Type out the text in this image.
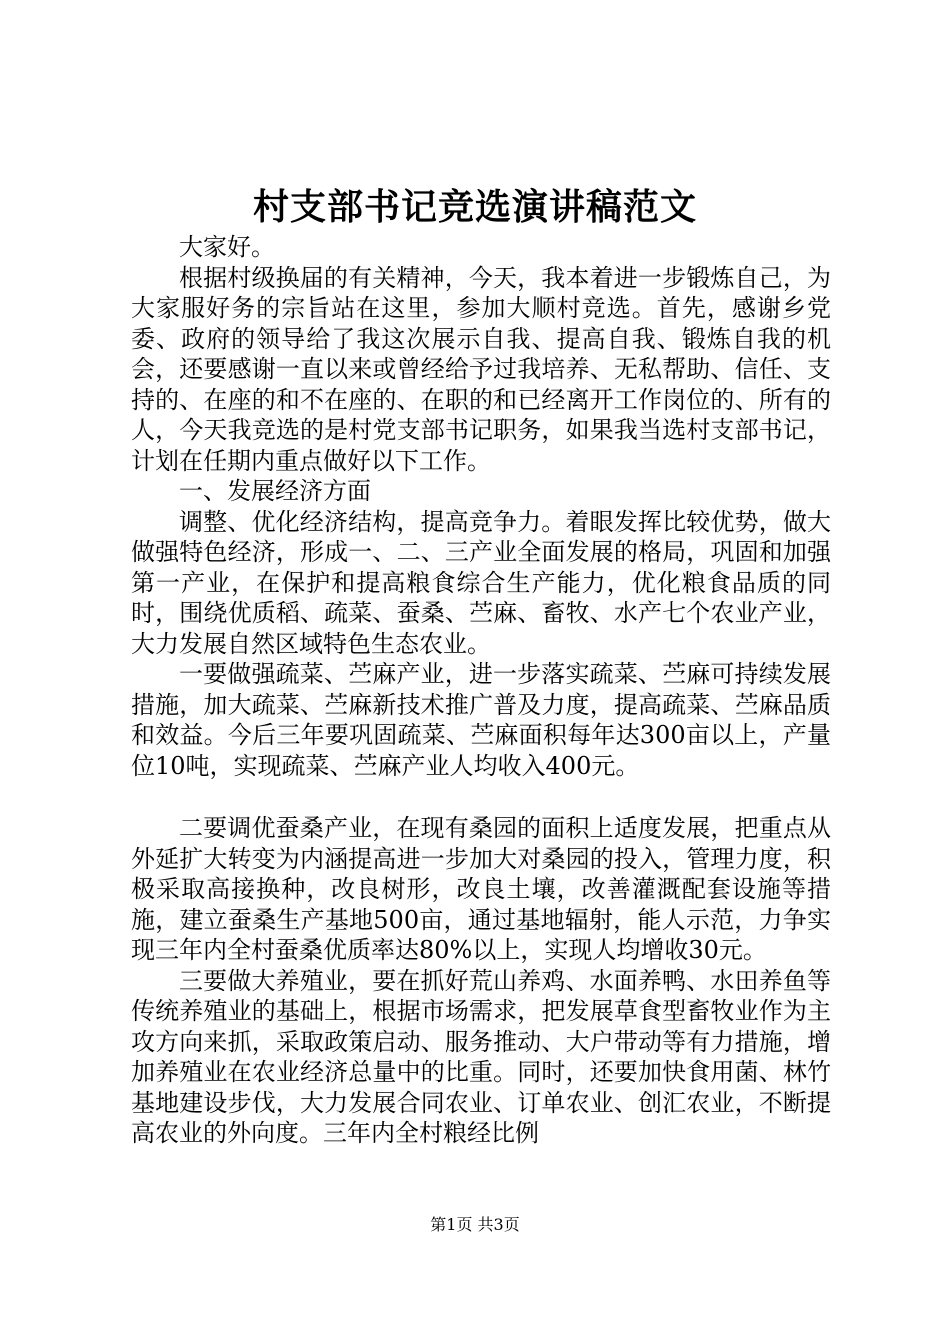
村支部书记竞选演讲稿范文

大家好。

根据村级换届的有关精神，今天，我本着进一步锻炼自己，为大家服好务的宗旨站在这里，参加大顺村竞选。首先，感谢乡党委、政府的领导给了我这次展示自我、提高自我、锻炼自我的机会，还要感谢一直以来或曾经给予过我培养、无私帮助、信任、支持的、在座的和不在座的、在职的和已经离开工作岗位的、所有的人，今天我竞选的是村党支部书记职务，如果我当选村支部书记，计划在任期内重点做好以下工作。

一、发展经济方面

调整、优化经济结构，提高竞争力。着眼发挥比较优势，做大做强特色经济，形成一、二、三产业全面发展的格局，巩固和加强第一产业，在保护和提高粮食综合生产能力，优化粮食品质的同时，围绕优质稻、疏菜、蚕桑、苎麻、畜牧、水产七个农业产业，大力发展自然区域特色生态农业。

一要做强疏菜、苎麻产业，进一步落实疏菜、苎麻可持续发展措施，加大疏菜、苎麻新技术推广普及力度，提高疏菜、苎麻品质和效益。今后三年要巩固疏菜、苎麻面积每年达300亩以上，产量位10吨，实现疏菜、苎麻产业人均收入400元。

二要调优蚕桑产业，在现有桑园的面积上适度发展，把重点从外延扩大转变为内涵提高进一步加大对桑园的投入，管理力度，积极采取高接换种，改良树形，改良土壤，改善灌溉配套设施等措施，建立蚕桑生产基地500亩，通过基地辐射，能人示范，力争实现三年内全村蚕桑优质率达80%以上，实现人均增收30元。

三要做大养殖业，要在抓好荒山养鸡、水面养鸭、水田养鱼等传统养殖业的基础上，根据市场需求，把发展草食型畜牧业作为主攻方向来抓，采取政策启动、服务推动、大户带动等有力措施，增加养殖业在农业经济总量中的比重。同时，还要加快食用菌、林竹基地建设步伐，大力发展合同农业、订单农业、创汇农业，不断提高农业的外向度。三年内全村粮经比例

第1页 共3页
